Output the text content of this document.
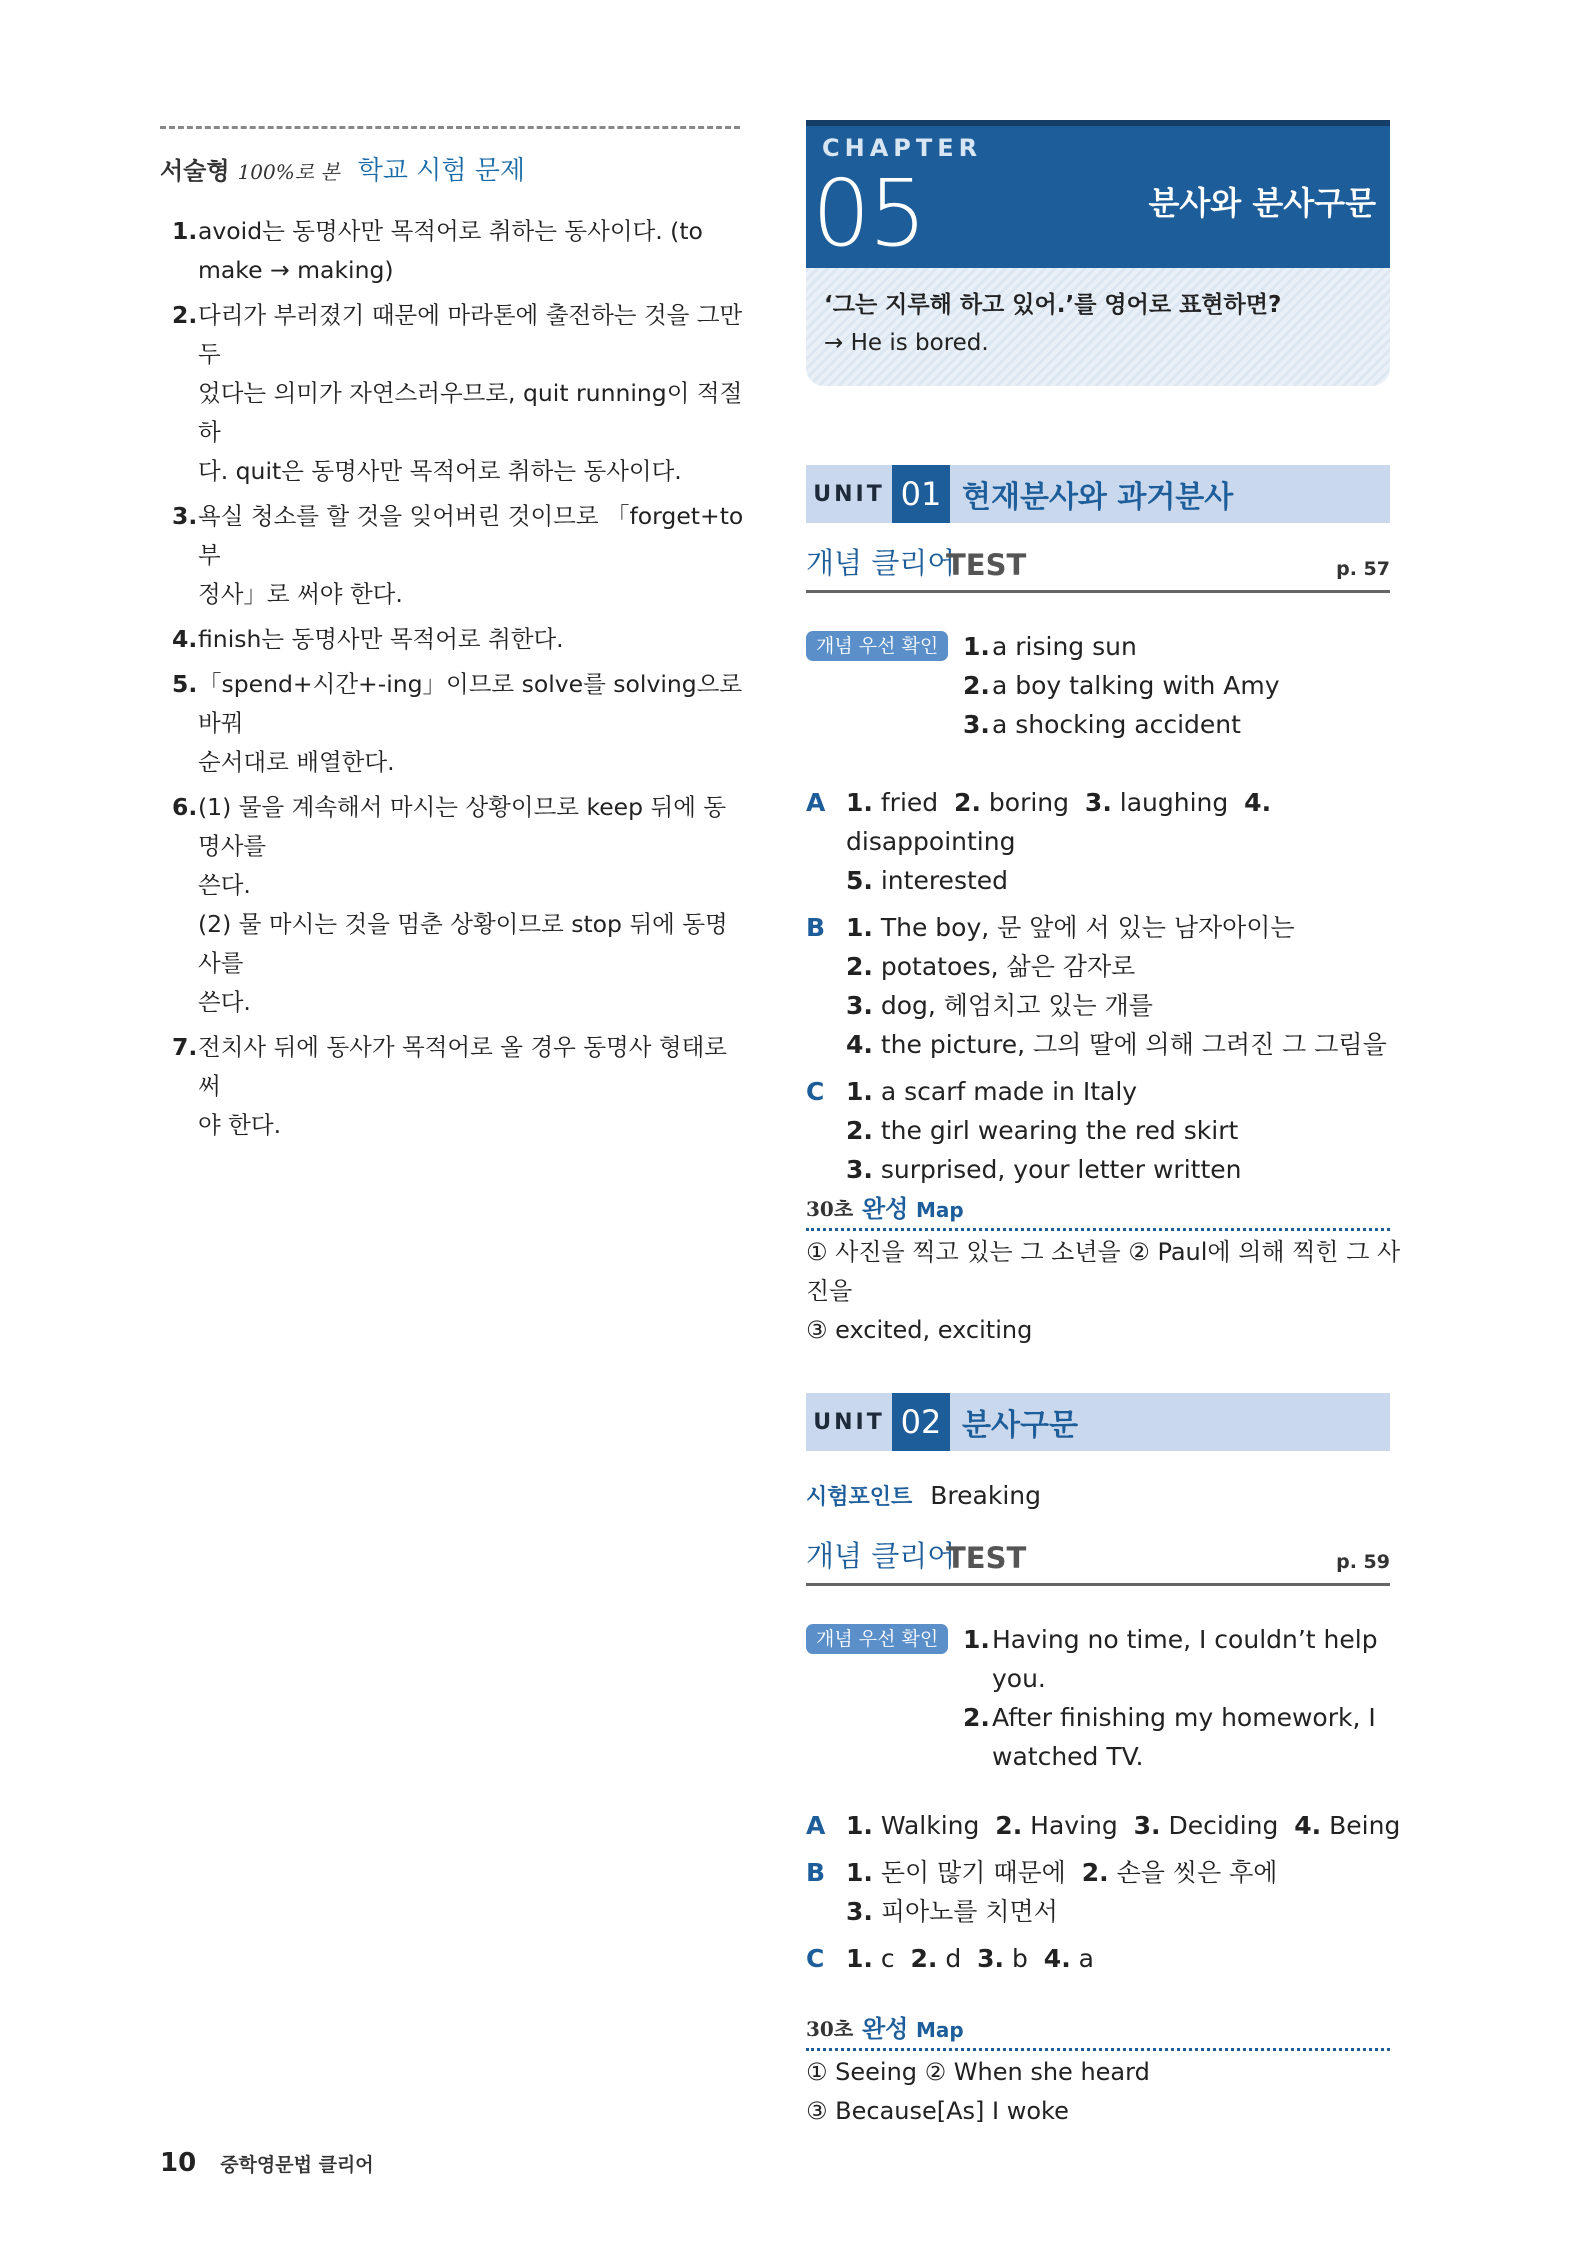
서술형 100%로 본 학교 시험 문제
1. avoid는 동명사만 목적어로 취하는 동사이다. (to
make → making)
2. 다리가 부러졌기 때문에 마라톤에 출전하는 것을 그만두
었다는 의미가 자연스러우므로, quit running이 적절하
다. quit은 동명사만 목적어로 취하는 동사이다.
3. 욕실 청소를 할 것을 잊어버린 것이므로 「forget+to부
정사」로 써야 한다.
4. finish는 동명사만 목적어로 취한다.
5. 「spend+시간+-ing」이므로 solve를 solving으로 바꿔
순서대로 배열한다.
6. (1) 물을 계속해서 마시는 상황이므로 keep 뒤에 동명사를
쓴다.
(2) 물 마시는 것을 멈춘 상황이므로 stop 뒤에 동명사를
쓴다.
7. 전치사 뒤에 동사가 목적어로 올 경우 동명사 형태로 써
야 한다.
CHAPTER
05	분사와 분사구문
‘그는 지루해 하고 있어.’를 영어로 표현하면?
→ He is bored.
UNIT 01 현재분사와 과거분사
개념 클리어
TEST	p. 57
개념 우선 확인 1. a rising sun
2. a boy talking with Amy
3. a shocking accident
A 1. fried 2. boring 3. laughing 4. disappointing
5. interested
B 1. The boy, 문 앞에 서 있는 남자아이는
2. potatoes, 삶은 감자로
3. dog, 헤엄치고 있는 개를
4. the picture, 그의 딸에 의해 그려진 그 그림을
C 1. a scarf made in Italy
2. the girl wearing the red skirt
3. surprised, your letter written
30초 완성 Map
① 사진을 찍고 있는 그 소년을 ② Paul에 의해 찍힌 그 사진을
③ excited, exciting
UNIT 02 분사구문
시험포인트 Breaking
개념 클리어
TEST	p. 59
개념 우선 확인 1. Having no time, I couldn’t help
you.
2. After finishing my homework, I
watched TV.
A 1. Walking 2. Having 3. Deciding 4. Being
B 1. 돈이 많기 때문에 2. 손을 씻은 후에
3. 피아노를 치면서
C 1. c 2. d 3. b 4. a
30초 완성 Map
① Seeing ② When she heard
③ Because[As] I woke
10 중학영문법 클리어
